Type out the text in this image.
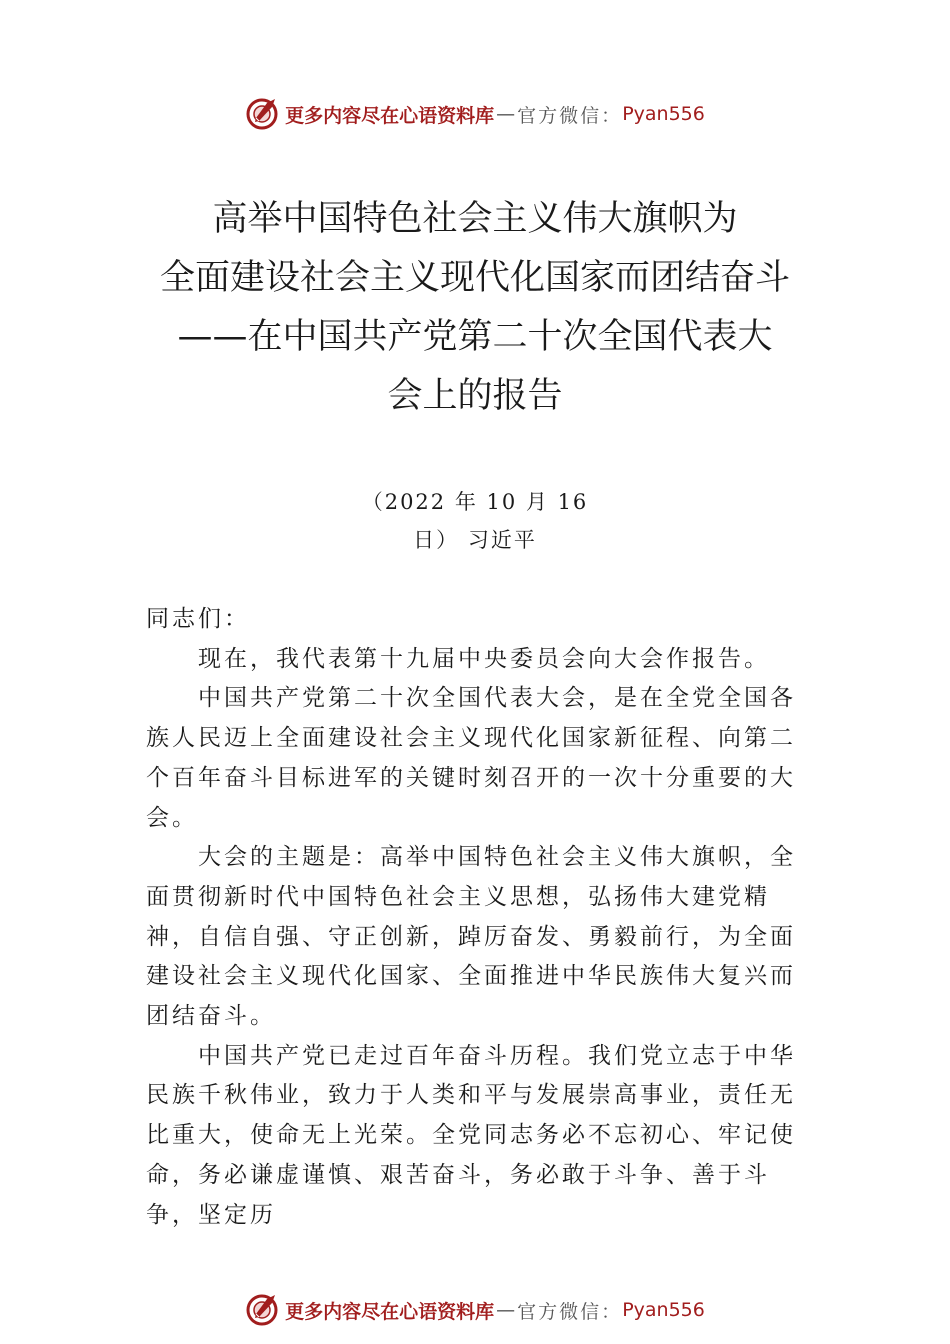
更多内容尽在心语资料库 — 官方微信： Pyan556
高举中国特色社会主义伟大旗帜为
全面建设社会主义现代化国家而团结奋斗
——在中国共产党第二十次全国代表大
会上的报告
（2022 年 10 月 16
日） 习近平

同志们：

现在，我代表第十九届中央委员会向大会作报告。

中国共产党第二十次全国代表大会，是在全党全国各族人民迈上全面建设社会主义现代化国家新征程、向第二个百年奋斗目标进军的关键时刻召开的一次十分重要的大会。

大会的主题是：高举中国特色社会主义伟大旗帜，全面贯彻新时代中国特色社会主义思想，弘扬伟大建党精神，自信自强、守正创新，踔厉奋发、勇毅前行，为全面建设社会主义现代化国家、全面推进中华民族伟大复兴而团结奋斗。

中国共产党已走过百年奋斗历程。我们党立志于中华民族千秋伟业，致力于人类和平与发展崇高事业，责任无比重大，使命无上光荣。全党同志务必不忘初心、牢记使命，务必谦虚谨慎、艰苦奋斗，务必敢于斗争、善于斗争，坚定历

更多内容尽在心语资料库 — 官方微信： Pyan556
